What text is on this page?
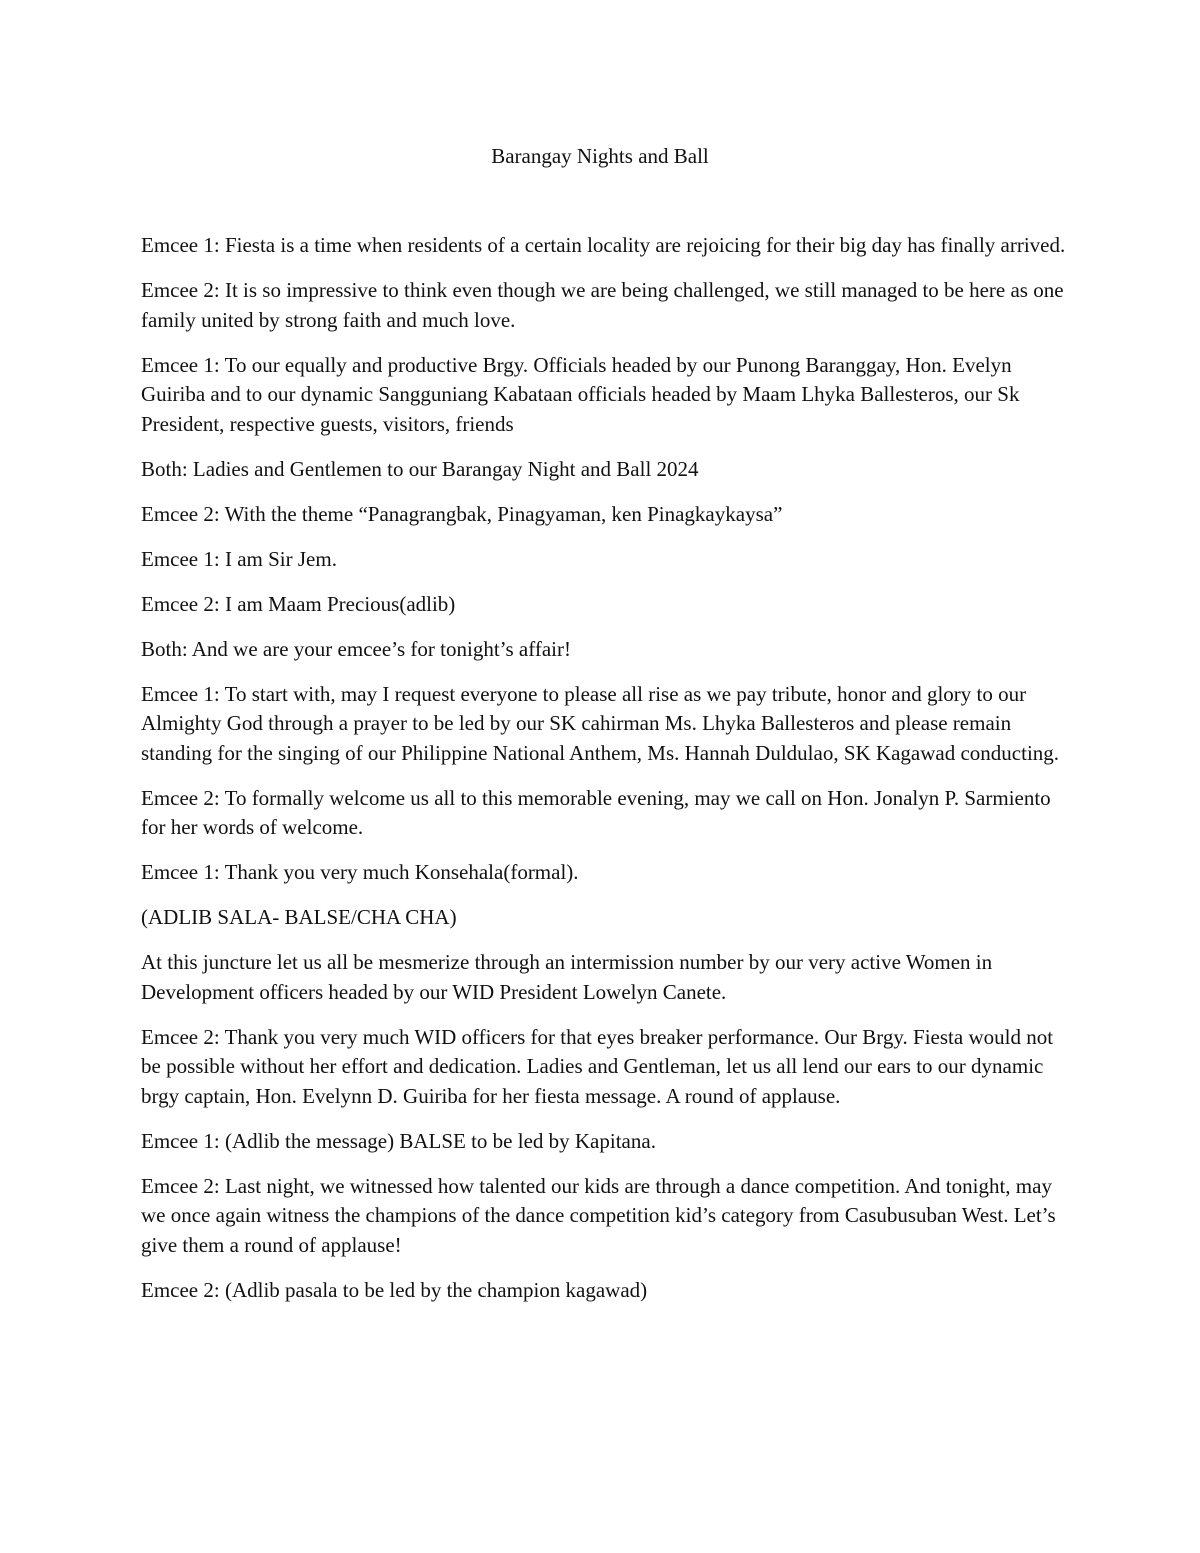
Barangay Nights and Ball

Emcee 1: Fiesta is a time when residents of a certain locality are rejoicing for their big day has finally arrived.

Emcee 2: It is so impressive to think even though we are being challenged, we still managed to be here as one family united by strong faith and much love.

Emcee 1: To our equally and productive Brgy. Officials headed by our Punong Baranggay, Hon. Evelyn Guiriba and to our dynamic Sangguniang Kabataan officials headed by Maam Lhyka Ballesteros, our Sk President, respective guests, visitors, friends

Both: Ladies and Gentlemen to our Barangay Night and Ball 2024

Emcee 2: With the theme “Panagrangbak, Pinagyaman, ken Pinagkaykaysa”

Emcee 1: I am Sir Jem.

Emcee 2: I am Maam Precious(adlib)

Both: And we are your emcee’s for tonight’s affair!

Emcee 1: To start with, may I request everyone to please all rise as we pay tribute, honor and glory to our Almighty God through a prayer to be led by our SK cahirman Ms. Lhyka Ballesteros and please remain standing for the singing of our Philippine National Anthem, Ms. Hannah Duldulao, SK Kagawad conducting.

Emcee 2: To formally welcome us all to this memorable evening, may we call on Hon. Jonalyn P. Sarmiento for her words of welcome.

Emcee 1: Thank you very much Konsehala(formal).

(ADLIB SALA- BALSE/CHA CHA)

At this juncture let us all be mesmerize through an intermission number by our very active Women in Development officers headed by our WID President Lowelyn Canete.

Emcee 2: Thank you very much WID officers for that eyes breaker performance. Our Brgy. Fiesta would not be possible without her effort and dedication. Ladies and Gentleman, let us all lend our ears to our dynamic brgy captain, Hon. Evelynn D. Guiriba for her fiesta message. A round of applause.

Emcee 1: (Adlib the message) BALSE to be led by Kapitana.

Emcee 2: Last night, we witnessed how talented our kids are through a dance competition. And tonight, may we once again witness the champions of the dance competition kid’s category from Casubusuban West. Let’s give them a round of applause!

Emcee 2: (Adlib pasala to be led by the champion kagawad)
